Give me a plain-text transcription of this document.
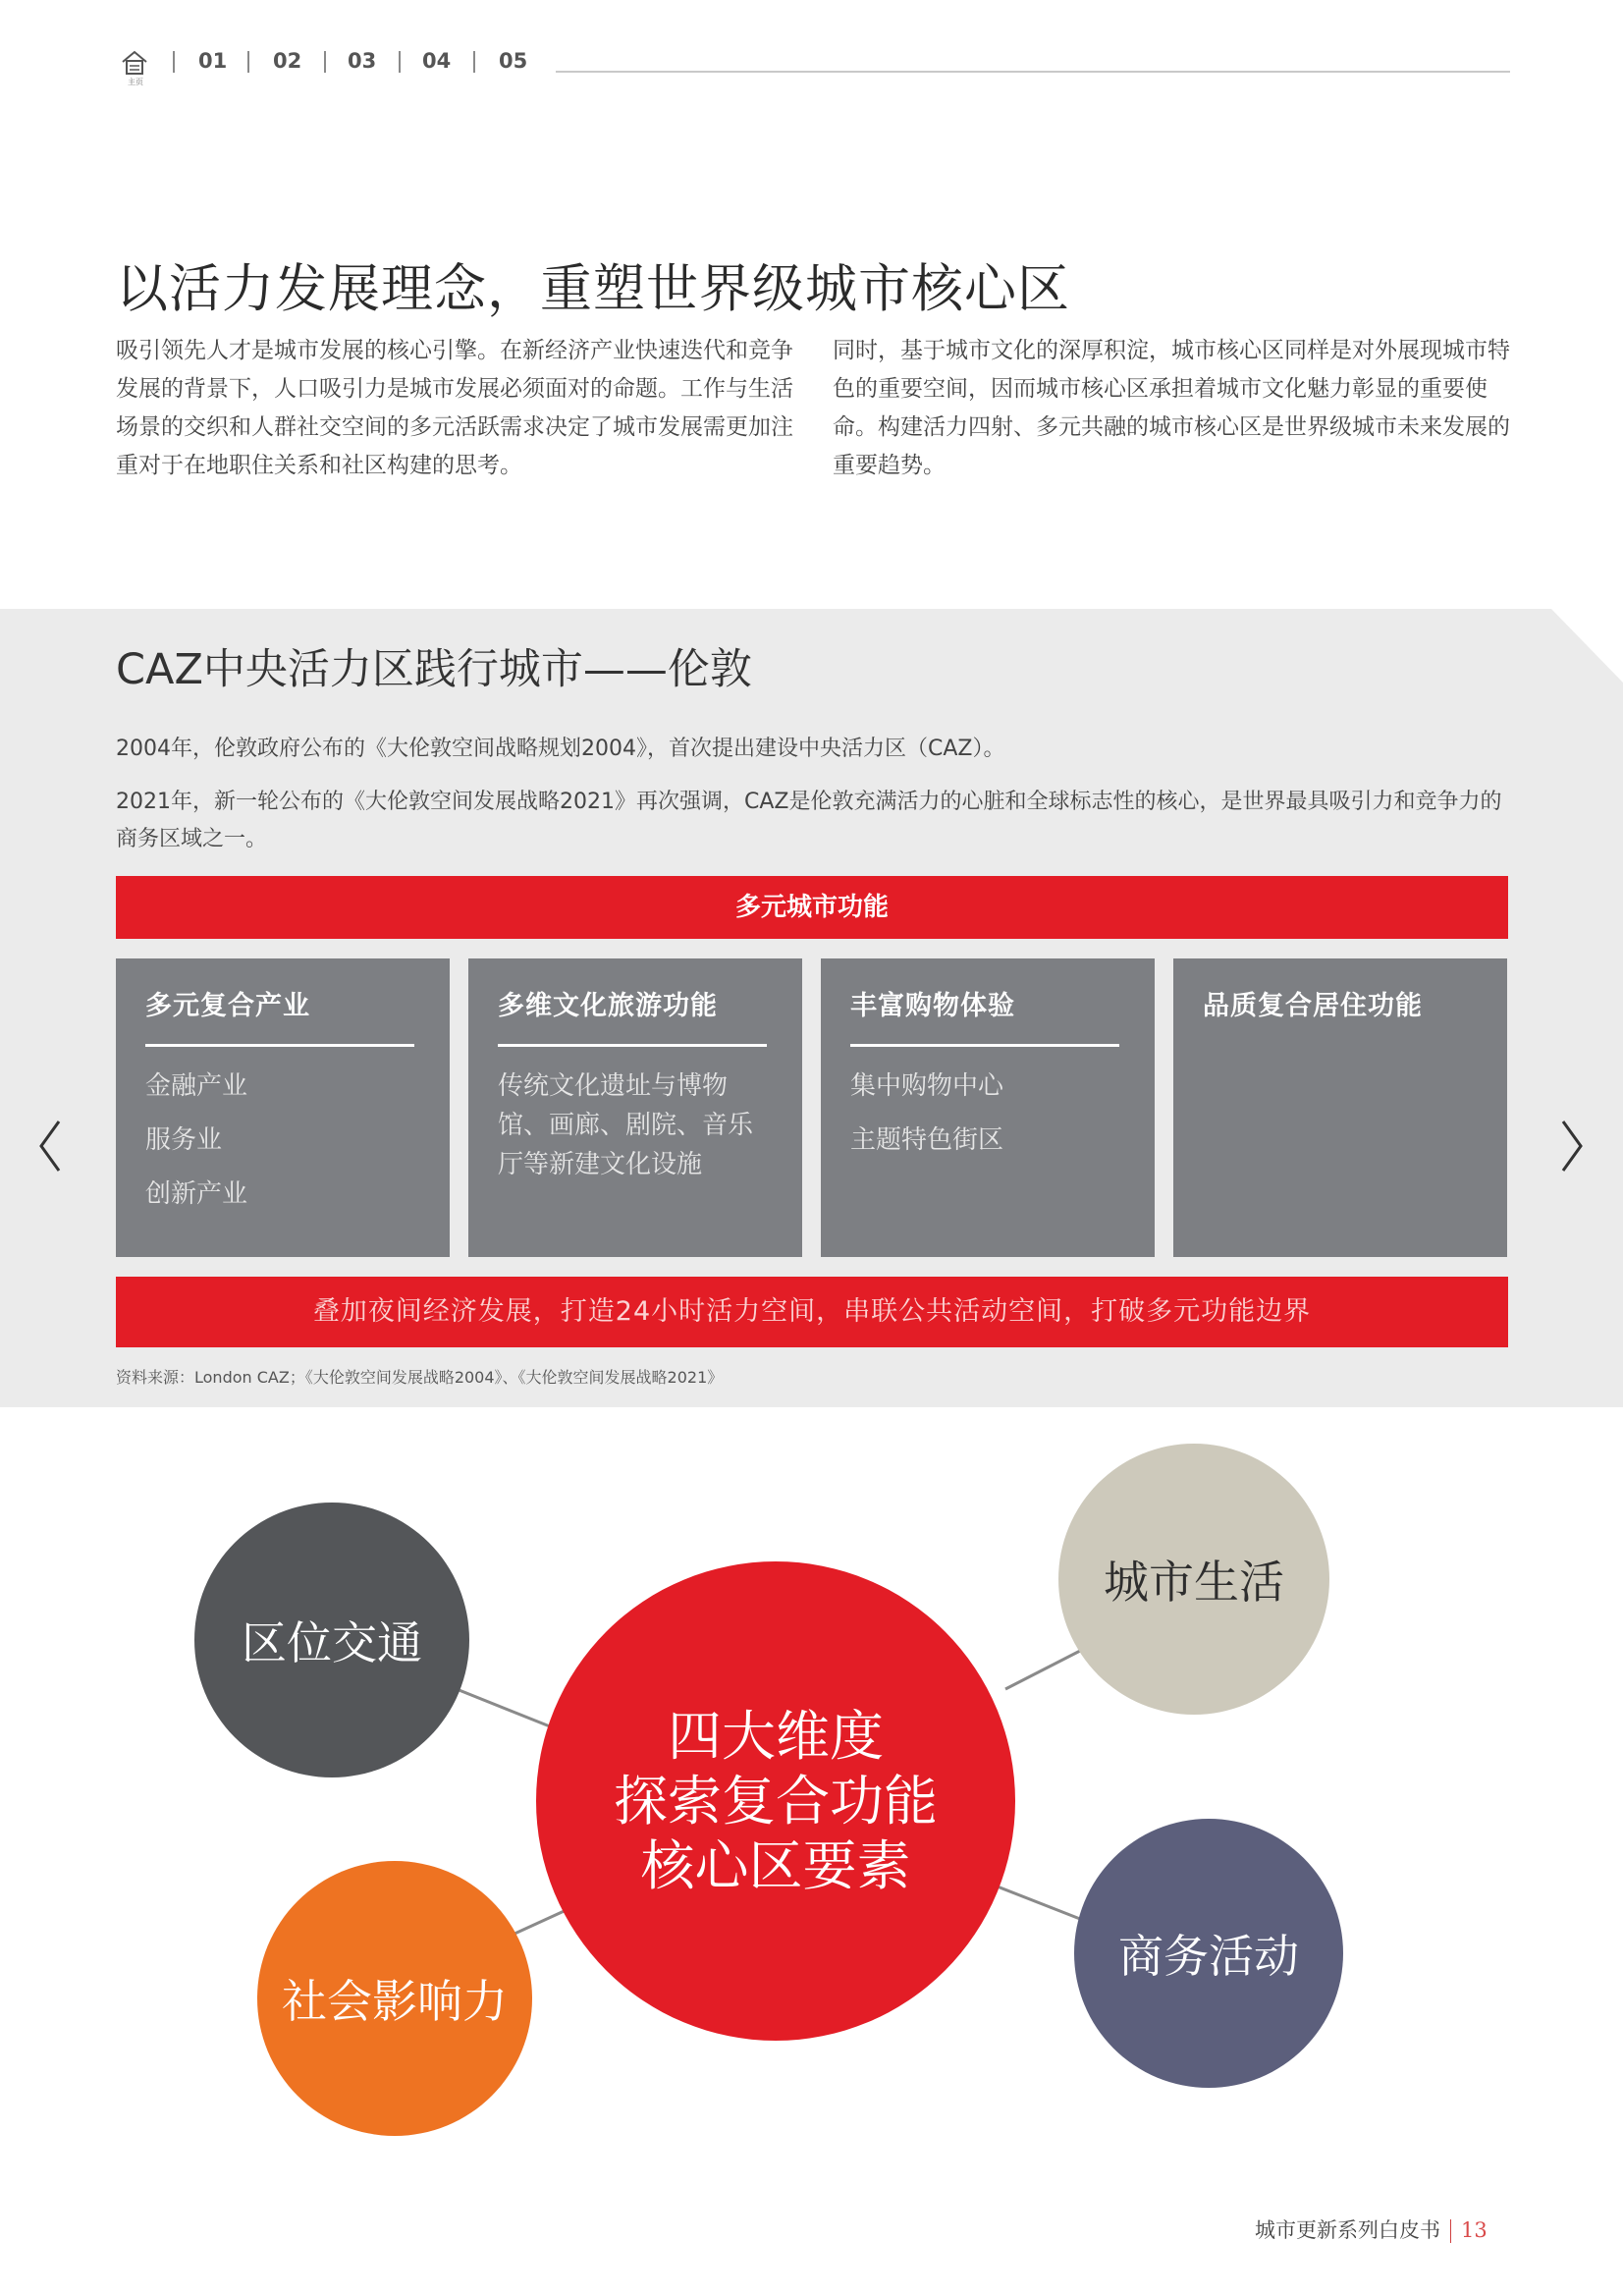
主页
01 02 03 04 05
以活力发展理念，重塑世界级城市核心区
吸引领先人才是城市发展的核心引擎。在新经济产业快速迭代和竞争发展的背景下，人口吸引力是城市发展必须面对的命题。工作与生活场景的交织和人群社交空间的多元活跃需求决定了城市发展需更加注重对于在地职住关系和社区构建的思考。
同时，基于城市文化的深厚积淀，城市核心区同样是对外展现城市特色的重要空间，因而城市核心区承担着城市文化魅力彰显的重要使命。构建活力四射、多元共融的城市核心区是世界级城市未来发展的重要趋势。
CAZ中央活力区践行城市——伦敦
2004年，伦敦政府公布的《大伦敦空间战略规划2004》，首次提出建设中央活力区（CAZ）。
2021年，新一轮公布的《大伦敦空间发展战略2021》再次强调，CAZ是伦敦充满活力的心脏和全球标志性的核心，是世界最具吸引力和竞争力的商务区域之一。
多元城市功能
多元复合产业
金融产业
服务业
创新产业
多维文化旅游功能
传统文化遗址与博物馆、画廊、剧院、音乐厅等新建文化设施
丰富购物体验
集中购物中心
主题特色街区
品质复合居住功能
叠加夜间经济发展，打造24小时活力空间，串联公共活动空间，打破多元功能边界
资料来源：London CAZ；《大伦敦空间发展战略2004》、《大伦敦空间发展战略2021》
区位交通
城市生活
社会影响力
商务活动
四大维度
探索复合功能
核心区要素
城市更新系列白皮书 13
